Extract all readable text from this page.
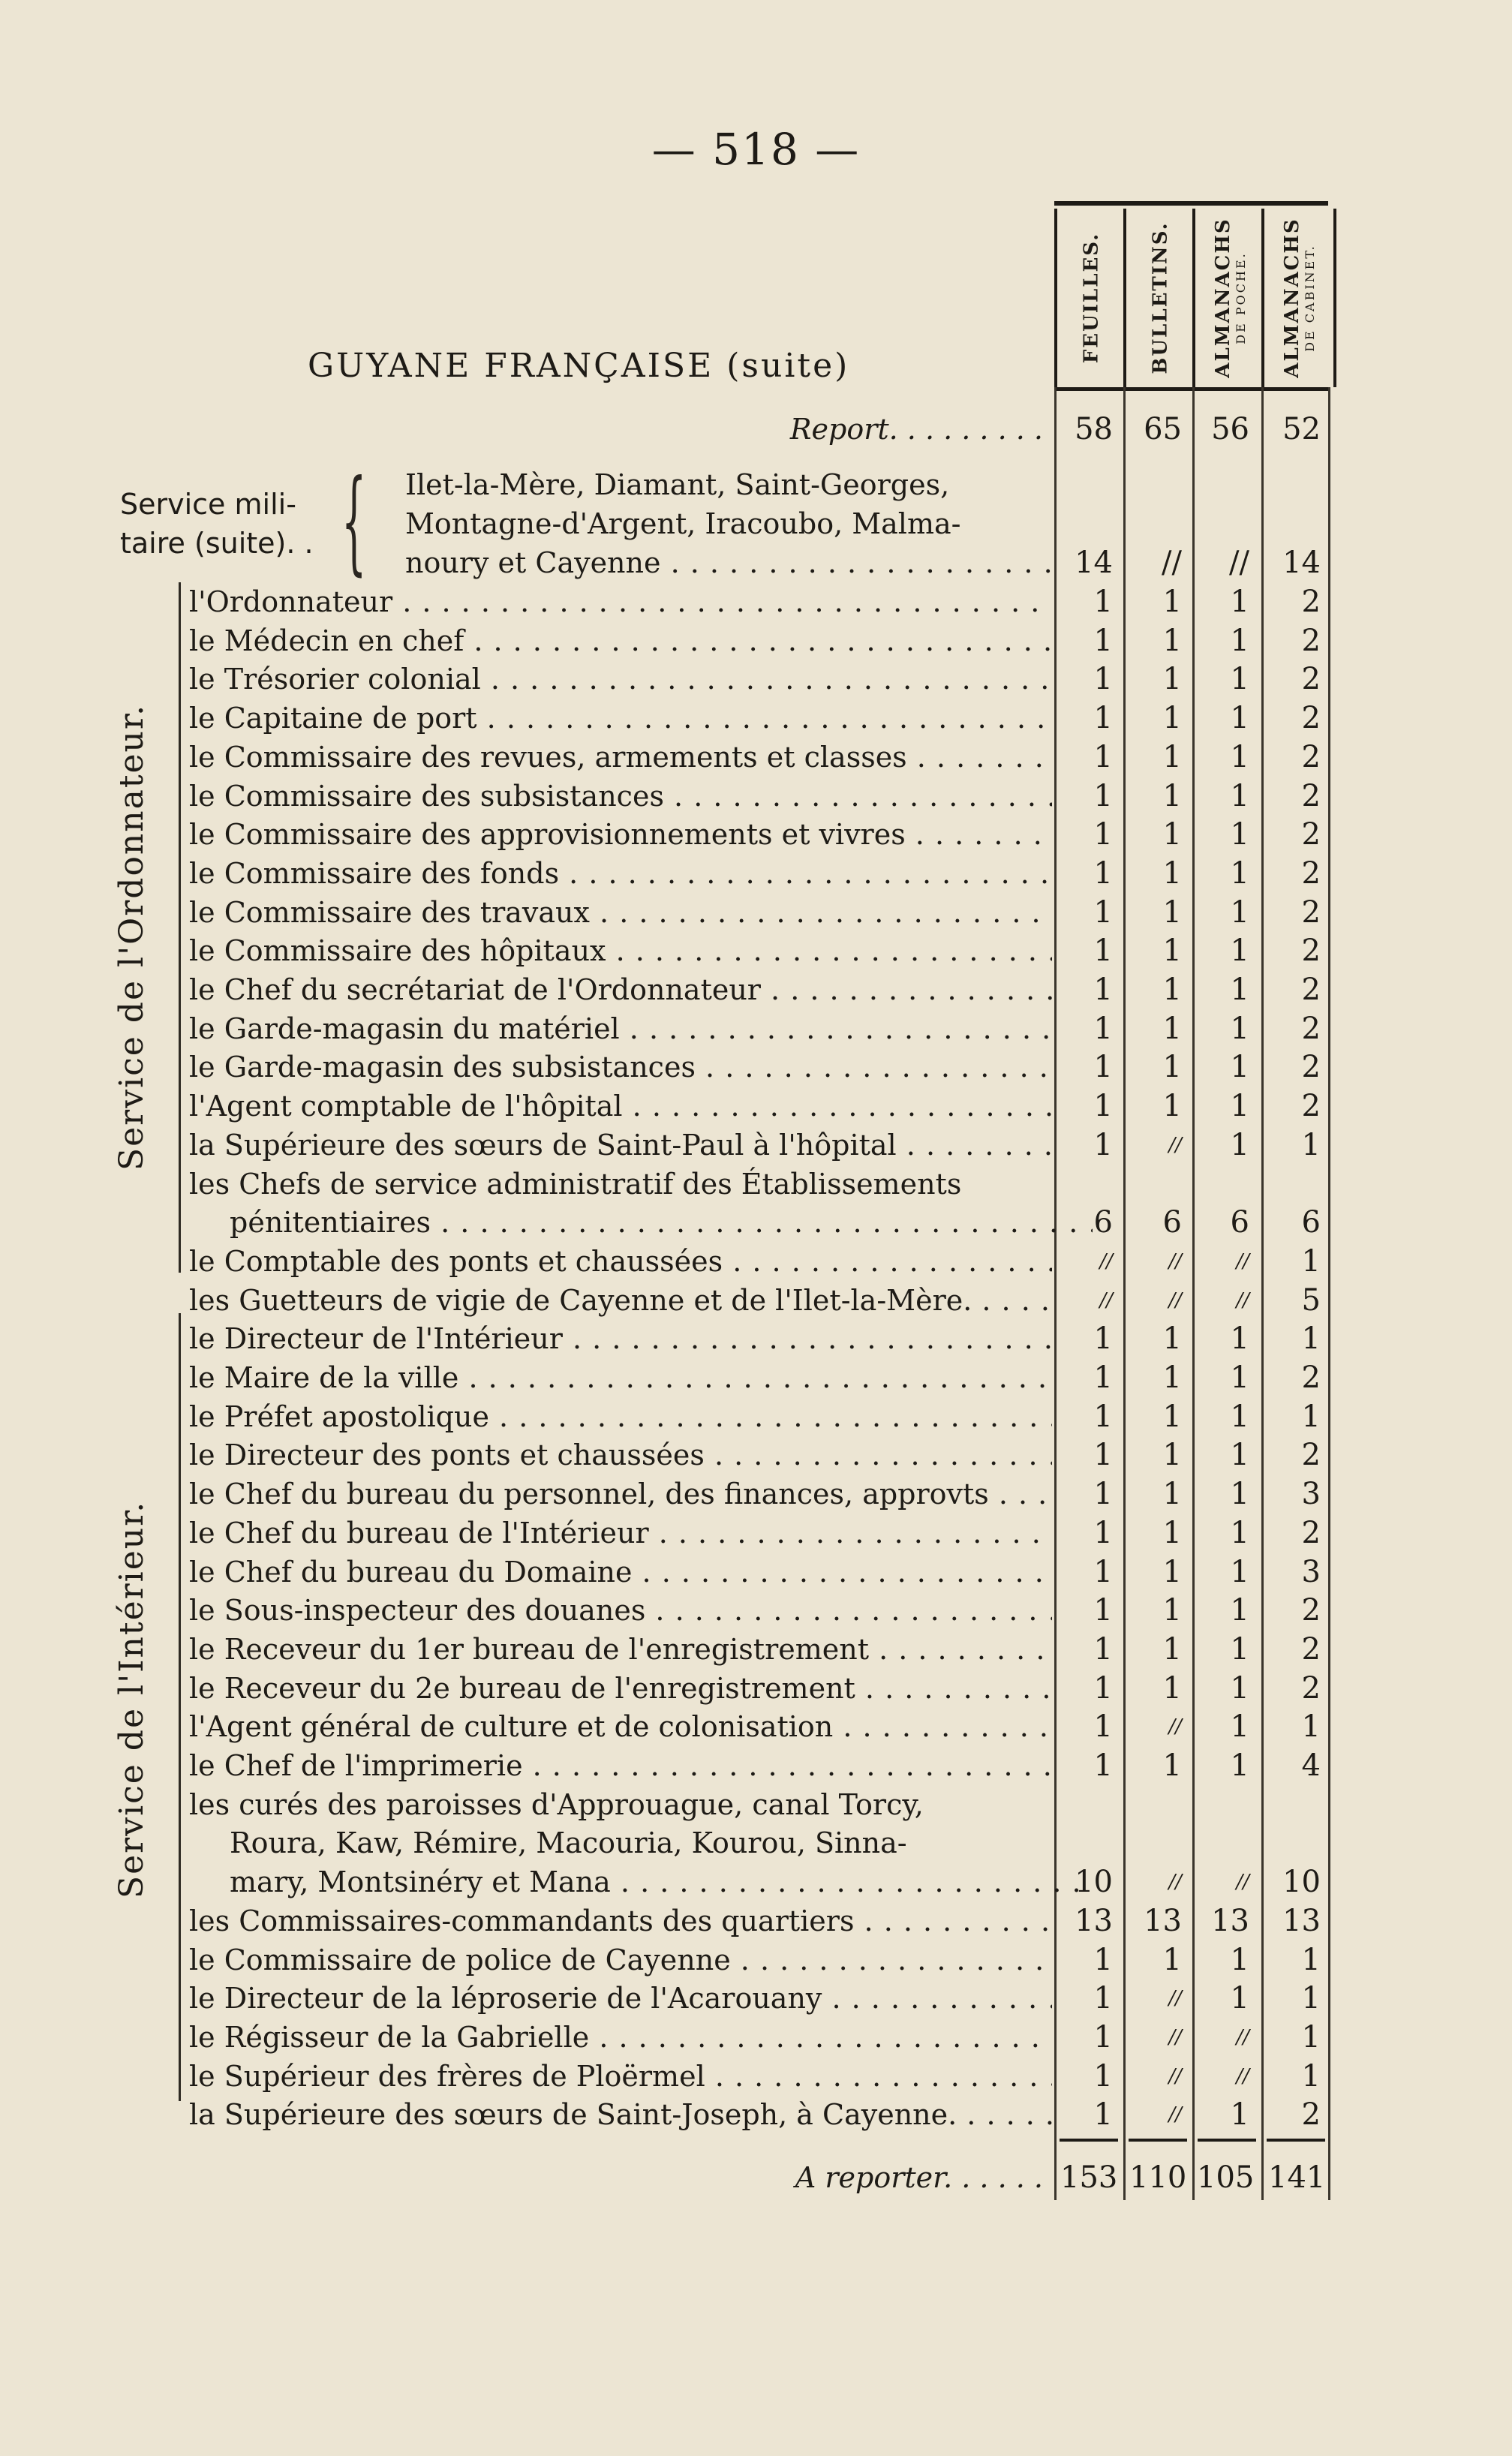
— 518 —
GUYANE FRANÇAISE (suite)
FEUILLES. BULLETINS. ALMANACHS
DE POCHE. ALMANACHS
DE CABINET.
Report. . . . . . . . .	58	65 56	52
Service mili-
taire (suite). . { Ilet-la-Mère, Diamant, Saint-Georges,
Montagne-d'Argent, Iracoubo, Malma-
noury et Cayenne . . .	14	//	//	14
Service de l'Ordonnateur.
Service de l'Intérieur.
l'Ordonnateur . . .	1	1	1	2
le Médecin en chef . . .	1	1	1	2
le Trésorier colonial . . .	1	1	1	2
le Capitaine de port . . .	1	1	1	2
le Commissaire des revues, armements et classes . . .	1	1	1	2
le Commissaire des subsistances . . .	1	1	1	2
le Commissaire des approvisionnements et vivres . . .	1	1	1	2
le Commissaire des fonds . . .	1	1	1	2
le Commissaire des travaux . . .	1	1	1	2
le Commissaire des hôpitaux . . .	1	1	1	2
le Chef du secrétariat de l'Ordonnateur . . .	1	1	1	2
le Garde-magasin du matériel . . .	1	1	1	2
le Garde-magasin des subsistances . . .	1	1	1	2
l'Agent comptable de l'hôpital . . .	1	1	1	2
la Supérieure des sœurs de Saint-Paul à l'hôpital . . .	1	//	1	1
les Chefs de service administratif des Établissements
pénitentiaires . . .	6	6	6	6
le Comptable des ponts et chaussées . . .	//	//	//	1
les Guetteurs de vigie de Cayenne et de l'Ilet-la-Mère. . . .	//	//	//	5
le Directeur de l'Intérieur . . .	1	1	1	1
le Maire de la ville . . .	1	1	1	2
le Préfet apostolique . . .	1	1	1	1
le Directeur des ponts et chaussées . . .	1	1	1	2
le Chef du bureau du personnel, des finances, approvts . . .	1	1	1	3
le Chef du bureau de l'Intérieur . . .	1	1	1	2
le Chef du bureau du Domaine . . .	1	1	1	3
le Sous-inspecteur des douanes . . .	1	1	1	2
le Receveur du 1er bureau de l'enregistrement . . .	1	1	1	2
le Receveur du 2e bureau de l'enregistrement . . .	1	1	1	2
l'Agent général de culture et de colonisation . . .	1	//	1	1
le Chef de l'imprimerie . . .	1	1	1	4
les curés des paroisses d'Approuague, canal Torcy,
Roura, Kaw, Rémire, Macouria, Kourou, Sinna-
mary, Montsinéry et Mana . . .	10	//	//	10
les Commissaires-commandants des quartiers . . .	13	13 13	13
le Commissaire de police de Cayenne . . .	1	1	1	1
le Directeur de la léproserie de l'Acarouany . . .	1	//	1	1
le Régisseur de la Gabrielle . . .	1	//	//	1
le Supérieur des frères de Ploërmel . . .	1	//	//	1
la Supérieure des sœurs de Saint-Joseph, à Cayenne. . . .	1	//	1	2
A reporter. . . . . . 153 110 105 141
